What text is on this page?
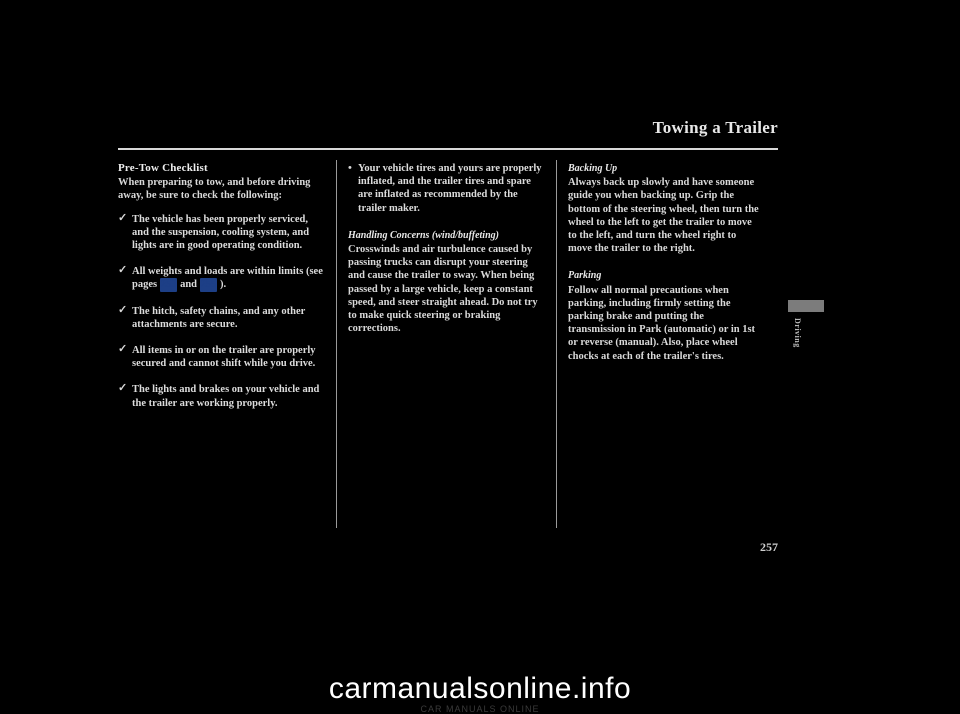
Towing a Trailer
Pre-Tow Checklist

When preparing to tow, and before driving away, be sure to check the following:

✓ The vehicle has been properly serviced, and the suspension, cooling system, and lights are in good operating condition.
✓ All weights and loads are within limits (see pages 253 and 255 ).
✓ The hitch, safety chains, and any other attachments are secure.
✓ All items in or on the trailer are properly secured and cannot shift while you drive.
✓ The lights and brakes on your vehicle and the trailer are working properly.
• Your vehicle tires and yours are properly inflated, and the trailer tires and spare are inflated as recommended by the trailer maker.
Handling Concerns (wind/buffeting)

Crosswinds and air turbulence caused by passing trucks can disrupt your steering and cause the trailer to sway. When being passed by a large vehicle, keep a constant speed, and steer straight ahead. Do not try to make quick steering or braking corrections.

Backing Up

Always back up slowly and have someone guide you when backing up. Grip the bottom of the steering wheel, then turn the wheel to the left to get the trailer to move to the left, and turn the wheel right to move the trailer to the right.

Parking

Follow all normal precautions when parking, including firmly setting the parking brake and putting the transmission in Park (automatic) or in 1st or reverse (manual). Also, place wheel chocks at each of the trailer's tires.

Driving
257
carmanualsonline.info
CAR MANUALS ONLINE
